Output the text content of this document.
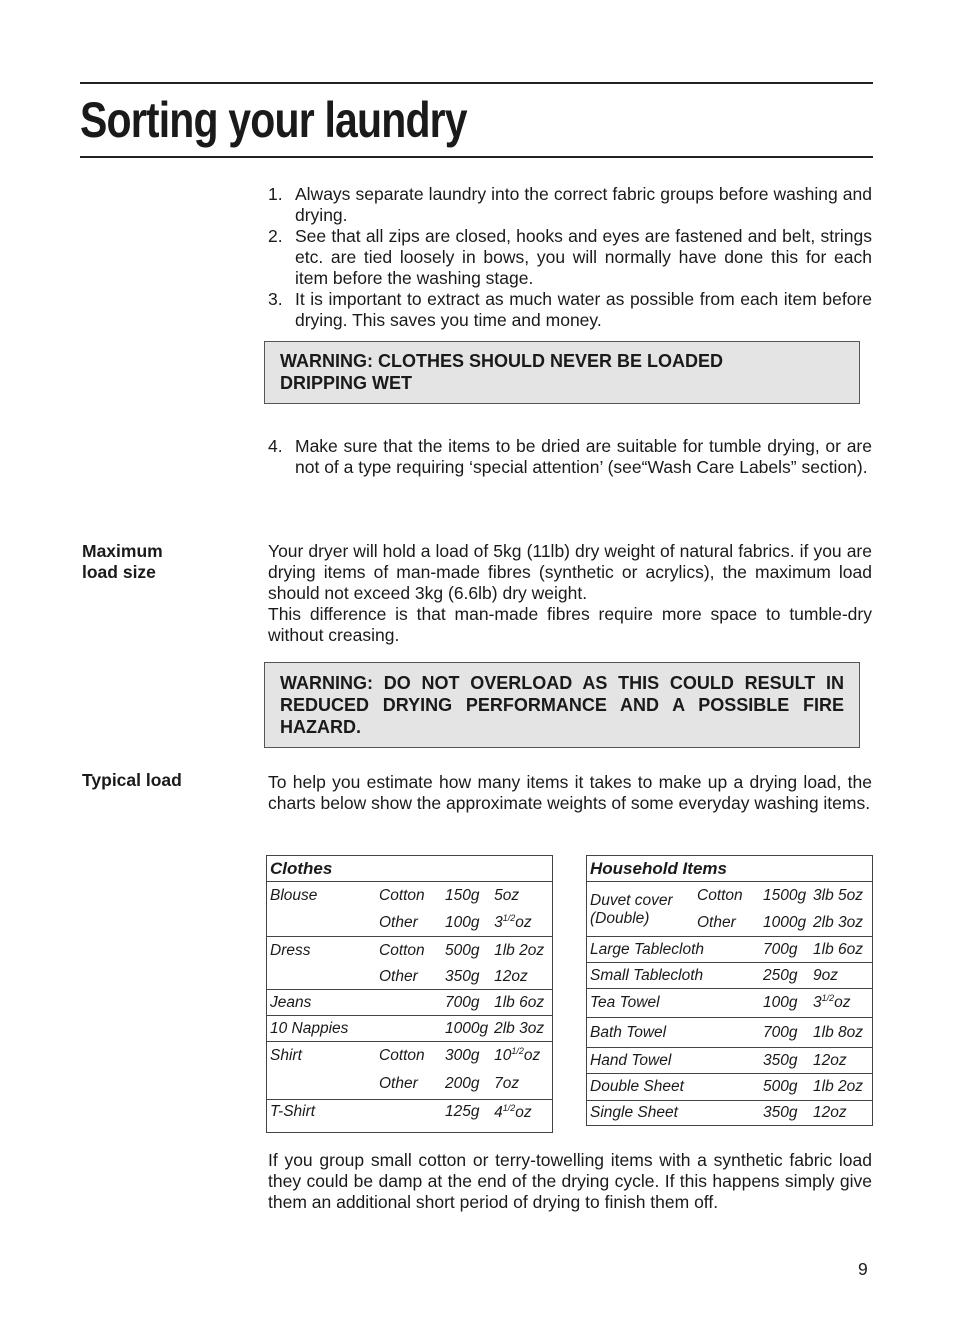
Sorting your laundry
1. Always separate laundry into the correct fabric groups before washing and drying.
2. See that all zips are closed, hooks and eyes are fastened and belt, strings etc. are tied loosely in bows, you will normally have done this for each item before the washing stage.
3. It is important to extract as much water as possible from each item before drying. This saves you time and money.
WARNING: CLOTHES SHOULD NEVER BE LOADED
DRIPPING WET
4. Make sure that the items to be dried are suitable for tumble drying, or are not of a type requiring ‘special attention’ (see“Wash Care Labels” section).
Maximum
load size
Your dryer will hold a load of 5kg (11lb) dry weight of natural fabrics. if you are drying items of man-made fibres (synthetic or acrylics), the maximum load should not exceed 3kg (6.6lb) dry weight.
This difference is that man-made fibres require more space to tumble-dry without creasing.
WARNING: DO NOT OVERLOAD AS THIS COULD RESULT IN REDUCED DRYING PERFORMANCE AND A POSSIBLE FIRE HAZARD.
Typical load	To help you estimate how many items it takes to make up a drying load, the charts below show the approximate weights of some everyday washing items.
Clothes			
Blouse	Cotton	150g	5oz
	Other	100g	$3^{1/2}oz$
Dress	Cotton	500g	1lb 2oz
	Other	350g	12oz
Jeans		700g	1lb 6oz
10 Nappies		1000g	2lb 3oz
Shirt	Cotton	300g	$10^{1/2}oz$
	Other	200g	7oz
T-Shirt		125g	$4^{1/2}oz$
Household Items			
Duvet cover	Cotton	1500g	3lb 5oz
(Double)	Other	1000g	2lb 3oz
Large Tablecloth		700g	1lb 6oz
Small Tablecloth		250g	9oz
Tea Towel		100g	$3^{1/2}oz$
Bath Towel		700g	1lb 8oz
Hand Towel		350g	12oz
Double Sheet		500g	1lb 2oz
Single Sheet		350g	12oz
If you group small cotton or terry-towelling items with a synthetic fabric load they could be damp at the end of the drying cycle. If this happens simply give them an additional short period of drying to finish them off.
9
